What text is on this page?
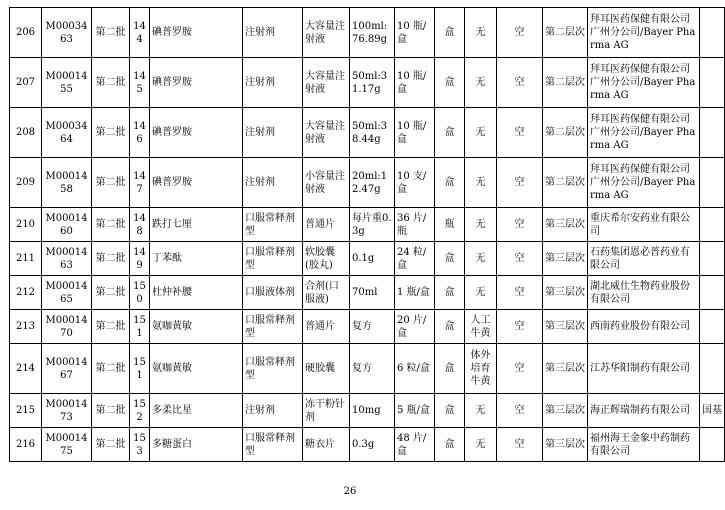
206	M0003463	第二批	144	碘普罗胺	注射剂	大容量注射液	100ml:76.89g	10 瓶/盒	盒	无	空	第二层次	拜耳医药保健有限公司广州分公司/Bayer Pharma AG	
207	M0001455	第二批	145	碘普罗胺	注射剂	大容量注射液	50ml:31.17g	10 瓶/盒	盒	无	空	第二层次	拜耳医药保健有限公司广州分公司/Bayer Pharma AG	
208	M0003464	第二批	146	碘普罗胺	注射剂	大容量注射液	50ml:38.44g	10 瓶/盒	盒	无	空	第二层次	拜耳医药保健有限公司广州分公司/Bayer Pharma AG	
209	M0001458	第二批	147	碘普罗胺	注射剂	小容量注射液	20ml:12.47g	10 支/盒	盒	无	空	第二层次	拜耳医药保健有限公司广州分公司/Bayer Pharma AG	
210	M0001460	第二批	148	跌打七厘	口服常释剂型	普通片	每片重0.3g	36 片/瓶	瓶	无	空	第三层次	重庆希尔安药业有限公司	
211	M0001463	第二批	149	丁苯酞	口服常释剂型	软胶囊(胶丸)	0.1g	24 粒/盒	盒	无	空	第三层次	石药集团恩必普药业有限公司	
212	M0001465	第二批	150	杜仲补腰	口服液体剂	合剂(口服液)	70ml	1 瓶/盒	盒	无	空	第三层次	湖北威仕生物药业股份有限公司	
213	M0001470	第二批	151	氨咖黄敏	口服常释剂型	普通片	复方	20 片/盒	盒	人工牛黄	空	第三层次	西南药业股份有限公司	
214	M0001467	第二批	151	氨咖黄敏	口服常释剂型	硬胶囊	复方	6 粒/盒	盒	体外培育牛黄	空	第三层次	江苏华阳制药有限公司	
215	M0001473	第二批	152	多柔比星	注射剂	冻干粉针剂	10mg	5 瓶/盒	盒	无	空	第三层次	海正辉瑞制药有限公司	国基
216	M0001475	第二批	153	多糖蛋白	口服常释剂型	糖衣片	0.3g	48 片/盒	盒	无	空	第三层次	福州海王金象中药制药有限公司	
26
